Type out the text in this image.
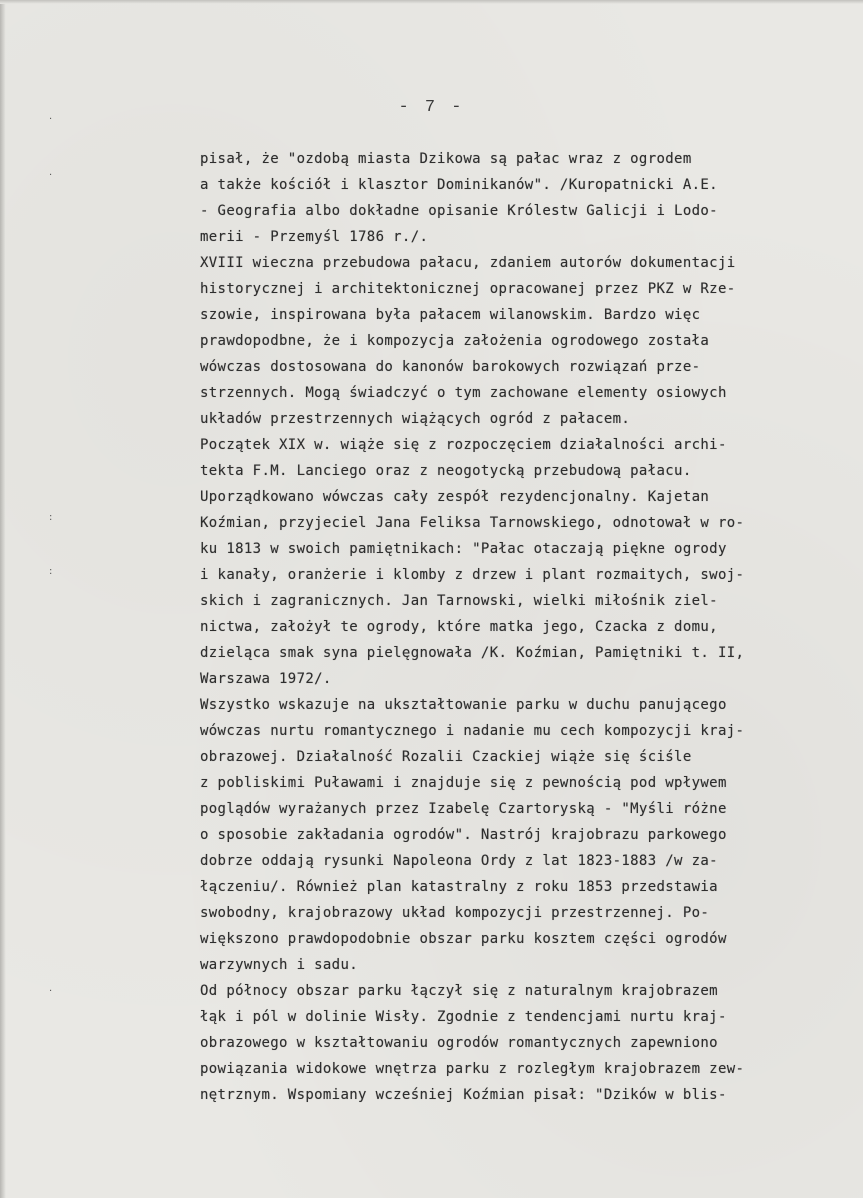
·
·
:
:
·
- 7 -
pisał, że "ozdobą miasta Dzikowa są pałac wraz z ogrodem
a także kościół i klasztor Dominikanów". /Kuropatnicki A.E.
- Geografia albo dokładne opisanie Królestw Galicji i Lodo-
merii - Przemyśl 1786 r./.
XVIII wieczna przebudowa pałacu, zdaniem autorów dokumentacji
historycznej i architektonicznej opracowanej przez PKZ w Rze-
szowie, inspirowana była pałacem wilanowskim. Bardzo więc
prawdopodbne, że i kompozycja założenia ogrodowego została
wówczas dostosowana do kanonów barokowych rozwiązań prze-
strzennych. Mogą świadczyć o tym zachowane elementy osiowych
układów przestrzennych wiążących ogród z pałacem.
Początek XIX w. wiąże się z rozpoczęciem działalności archi-
tekta F.M. Lanciego oraz z neogotycką przebudową pałacu.
Uporządkowano wówczas cały zespół rezydencjonalny. Kajetan
Koźmian, przyjeciel Jana Feliksa Tarnowskiego, odnotował w ro-
ku 1813 w swoich pamiętnikach: "Pałac otaczają piękne ogrody
i kanały, oranżerie i klomby z drzew i plant rozmaitych, swoj-
skich i zagranicznych. Jan Tarnowski, wielki miłośnik ziel-
nictwa, założył te ogrody, które matka jego, Czacka z domu,
dzieląca smak syna pielęgnowała /K. Koźmian, Pamiętniki t. II,
Warszawa 1972/.
Wszystko wskazuje na ukształtowanie parku w duchu panującego
wówczas nurtu romantycznego i nadanie mu cech kompozycji kraj-
obrazowej. Działalność Rozalii Czackiej wiąże się ściśle
z pobliskimi Puławami i znajduje się z pewnością pod wpływem
poglądów wyrażanych przez Izabelę Czartoryską - "Myśli różne
o sposobie zakładania ogrodów". Nastrój krajobrazu parkowego
dobrze oddają rysunki Napoleona Ordy z lat 1823-1883 /w za-
łączeniu/. Również plan katastralny z roku 1853 przedstawia
swobodny, krajobrazowy układ kompozycji przestrzennej. Po-
większono prawdopodobnie obszar parku kosztem części ogrodów
warzywnych i sadu.
Od północy obszar parku łączył się z naturalnym krajobrazem
łąk i pól w dolinie Wisły. Zgodnie z tendencjami nurtu kraj-
obrazowego w kształtowaniu ogrodów romantycznych zapewniono
powiązania widokowe wnętrza parku z rozległym krajobrazem zew-
nętrznym. Wspomiany wcześniej Koźmian pisał: "Dzików w blis-
